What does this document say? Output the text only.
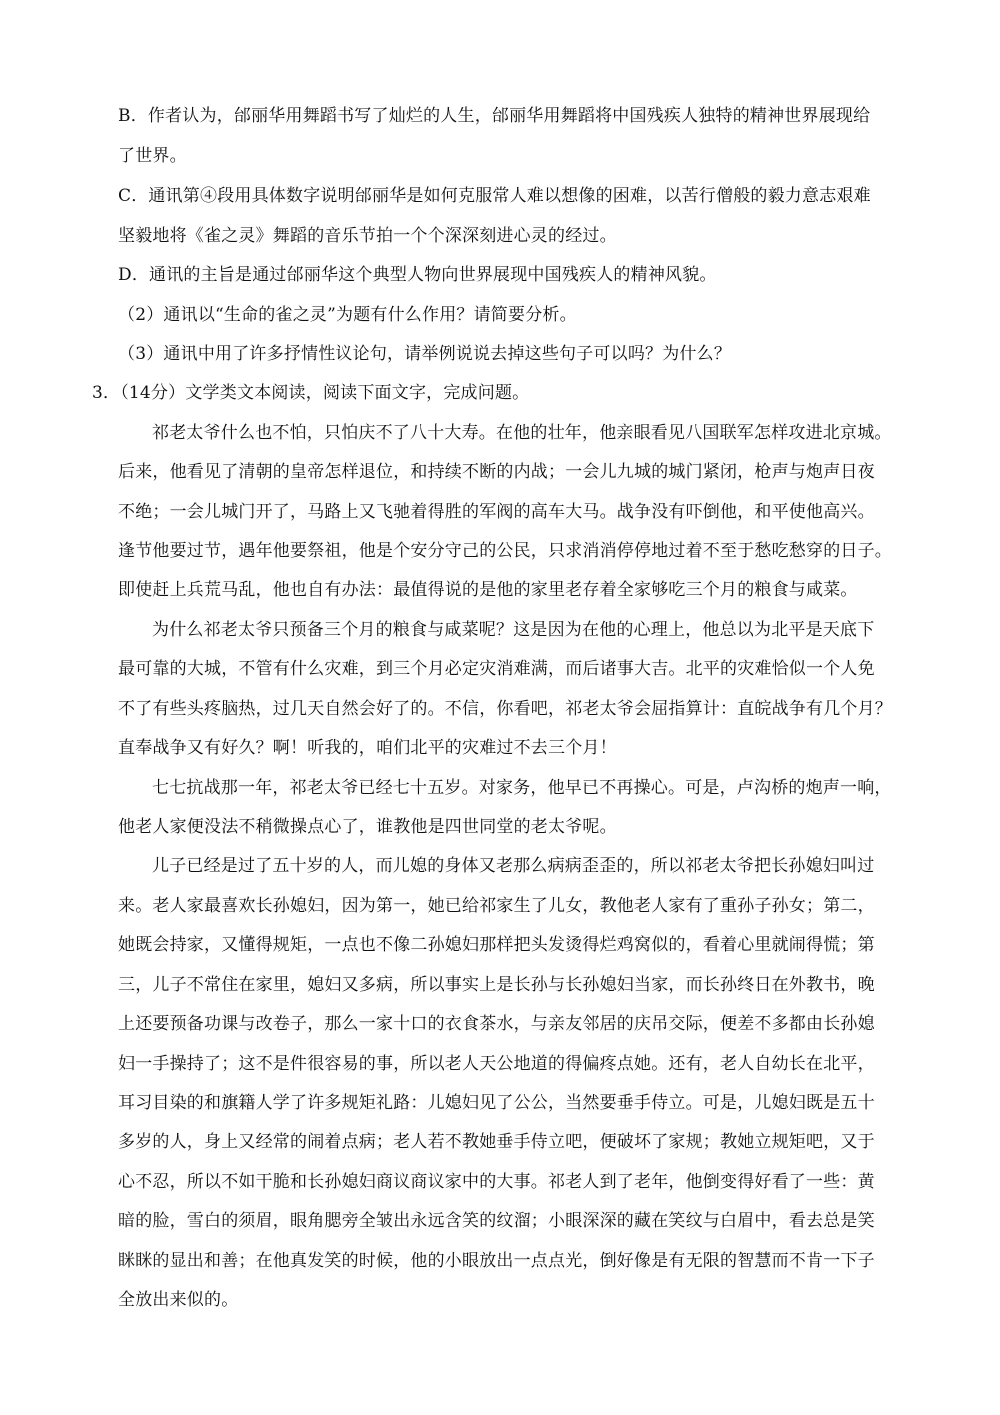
B．作者认为，邰丽华用舞蹈书写了灿烂的人生，邰丽华用舞蹈将中国残疾人独特的精神世界展现给
了世界。
C．通讯第④段用具体数字说明邰丽华是如何克服常人难以想像的困难，以苦行僧般的毅力意志艰难
坚毅地将《雀之灵》舞蹈的音乐节拍一个个深深刻进心灵的经过。
D．通讯的主旨是通过邰丽华这个典型人物向世界展现中国残疾人的精神风貌。
（2）通讯以“生命的雀之灵”为题有什么作用？请简要分析。
（3）通讯中用了许多抒情性议论句，请举例说说去掉这些句子可以吗？为什么？
3．（14分）文学类文本阅读，阅读下面文字，完成问题。
祁老太爷什么也不怕，只怕庆不了八十大寿。在他的壮年，他亲眼看见八国联军怎样攻进北京城。
后来，他看见了清朝的皇帝怎样退位，和持续不断的内战；一会儿九城的城门紧闭，枪声与炮声日夜
不绝；一会儿城门开了，马路上又飞驰着得胜的军阀的高车大马。战争没有吓倒他，和平使他高兴。
逢节他要过节，遇年他要祭祖，他是个安分守己的公民，只求消消停停地过着不至于愁吃愁穿的日子。
即使赶上兵荒马乱，他也自有办法：最值得说的是他的家里老存着全家够吃三个月的粮食与咸菜。
为什么祁老太爷只预备三个月的粮食与咸菜呢？这是因为在他的心理上，他总以为北平是天底下
最可靠的大城，不管有什么灾难，到三个月必定灾消难满，而后诸事大吉。北平的灾难恰似一个人免
不了有些头疼脑热，过几天自然会好了的。不信，你看吧，祁老太爷会屈指算计：直皖战争有几个月？
直奉战争又有好久？啊！听我的，咱们北平的灾难过不去三个月！
七七抗战那一年，祁老太爷已经七十五岁。对家务，他早已不再操心。可是，卢沟桥的炮声一响，
他老人家便没法不稍微操点心了，谁教他是四世同堂的老太爷呢。
儿子已经是过了五十岁的人，而儿媳的身体又老那么病病歪歪的，所以祁老太爷把长孙媳妇叫过
来。老人家最喜欢长孙媳妇，因为第一，她已给祁家生了儿女，教他老人家有了重孙子孙女；第二，
她既会持家，又懂得规矩，一点也不像二孙媳妇那样把头发烫得烂鸡窝似的，看着心里就闹得慌；第
三，儿子不常住在家里，媳妇又多病，所以事实上是长孙与长孙媳妇当家，而长孙终日在外教书，晚
上还要预备功课与改卷子，那么一家十口的衣食茶水，与亲友邻居的庆吊交际，便差不多都由长孙媳
妇一手操持了；这不是件很容易的事，所以老人天公地道的得偏疼点她。还有，老人自幼长在北平，
耳习目染的和旗籍人学了许多规矩礼路：儿媳妇见了公公，当然要垂手侍立。可是，儿媳妇既是五十
多岁的人，身上又经常的闹着点病；老人若不教她垂手侍立吧，便破坏了家规；教她立规矩吧，又于
心不忍，所以不如干脆和长孙媳妇商议商议家中的大事。祁老人到了老年，他倒变得好看了一些：黄
暗的脸，雪白的须眉，眼角腮旁全皱出永远含笑的纹溜；小眼深深的藏在笑纹与白眉中，看去总是笑
眯眯的显出和善；在他真发笑的时候，他的小眼放出一点点光，倒好像是有无限的智慧而不肯一下子
全放出来似的。
